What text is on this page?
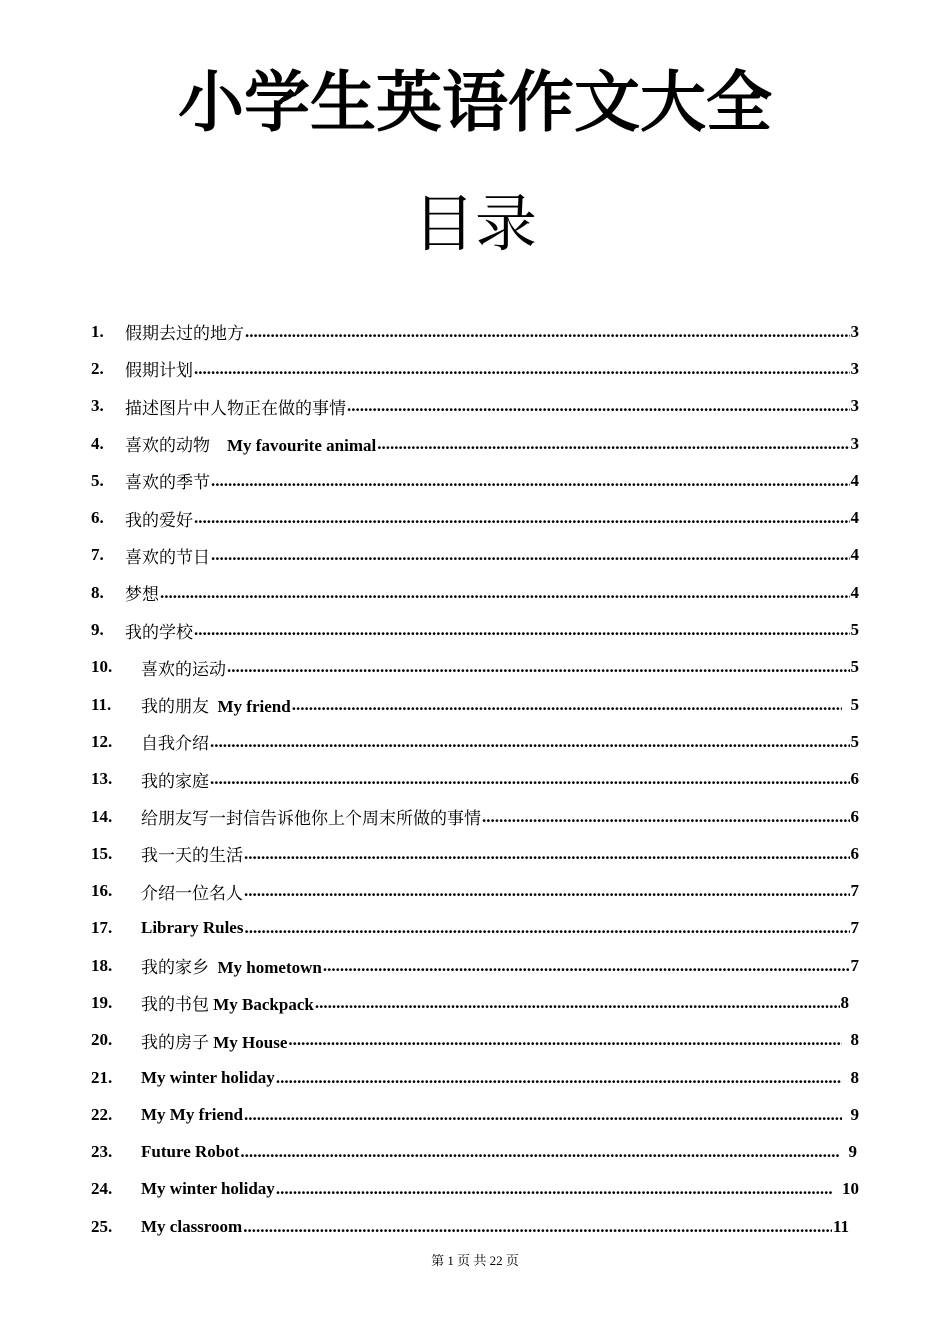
小学生英语作文大全
目录
1.	假期去过的地方 .....	3
2.	假期计划 .....	3
3.	描述图片中人物正在做的事情 .....	3
4.	喜欢的动物 My favourite animal .....	3
5.	喜欢的季节 .....	4
6.	我的爱好 .....	4
7.	喜欢的节日 .....	4
8.	梦想 .....	4
9.	我的学校 .....	5
10.	喜欢的运动 .....	5
11.	我的朋友 My friend .....	5
12.	自我介绍 .....	5
13.	我的家庭 .....	6
14.	给朋友写一封信告诉他你上个周末所做的事情 .....	6
15.	我一天的生活 .....	6
16.	介绍一位名人 .....	7
17.	Library Rules .....	7
18.	我的家乡 My hometown .....	7
19.	我的书包 My Backpack .....	8
20.	我的房子 My House .....	8
21.	My winter holiday .....	8
22.	My My friend .....	9
23.	Future Robot .....	9
24.	My winter holiday .....	10
25.	My classroom .....	11
第 1 页 共 22 页
